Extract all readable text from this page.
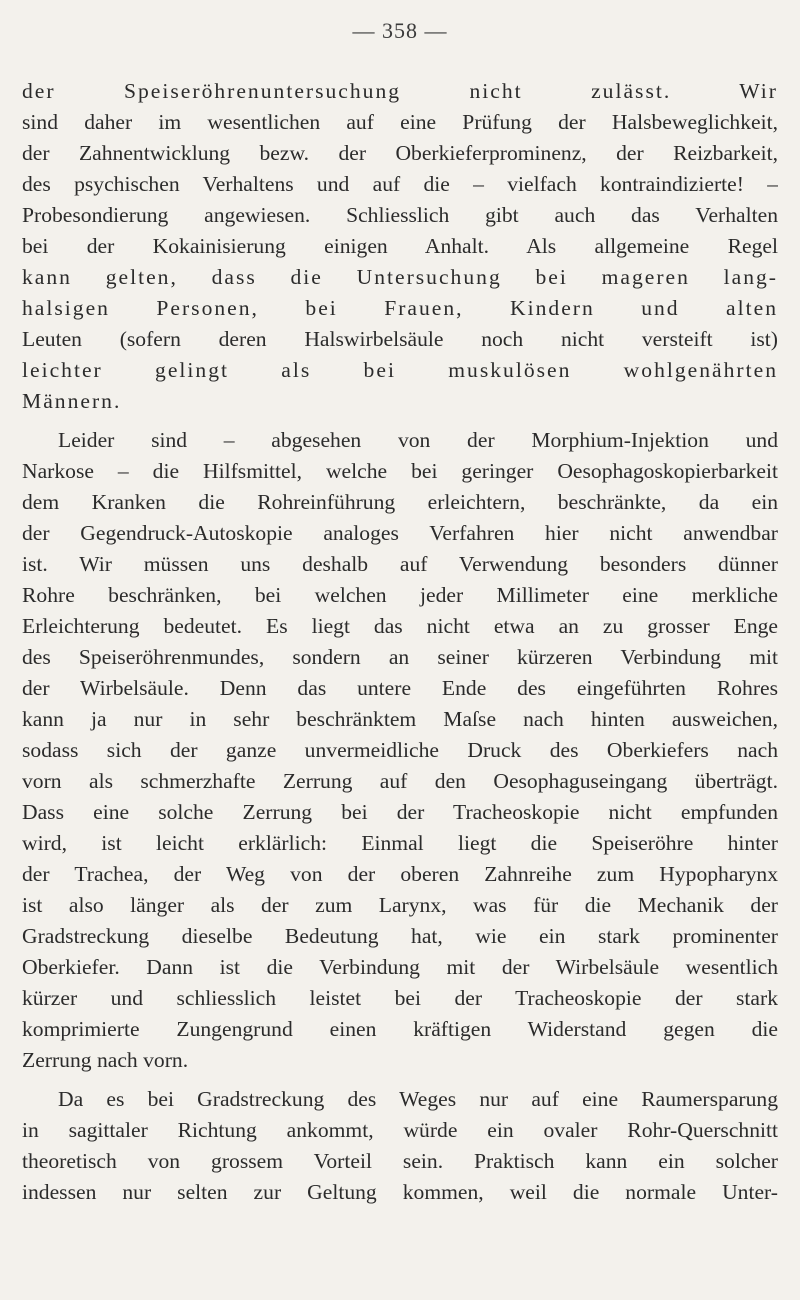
— 358 —
der Speiseröhrenuntersuchung nicht zulässt. Wir
sind daher im wesentlichen auf eine Prüfung der Halsbeweglichkeit,
der Zahnentwicklung bezw. der Oberkieferprominenz, der Reizbarkeit,
des psychischen Verhaltens und auf die – vielfach kontraindizierte! –
Probesondierung angewiesen. Schliesslich gibt auch das Verhalten
bei der Kokainisierung einigen Anhalt. Als allgemeine Regel
kann gelten, dass die Untersuchung bei mageren lang-
halsigen Personen, bei Frauen, Kindern und alten
Leuten (sofern deren Halswirbelsäule noch nicht versteift ist)
leichter gelingt als bei muskulösen wohlgenährten
Männern.
Leider sind – abgesehen von der Morphium-Injektion und
Narkose – die Hilfsmittel, welche bei geringer Oesophagoskopierbarkeit
dem Kranken die Rohreinführung erleichtern, beschränkte, da ein
der Gegendruck-Autoskopie analoges Verfahren hier nicht anwendbar
ist. Wir müssen uns deshalb auf Verwendung besonders dünner
Rohre beschränken, bei welchen jeder Millimeter eine merkliche
Erleichterung bedeutet. Es liegt das nicht etwa an zu grosser Enge
des Speiseröhrenmundes, sondern an seiner kürzeren Verbindung mit
der Wirbelsäule. Denn das untere Ende des eingeführten Rohres
kann ja nur in sehr beschränktem Maſse nach hinten ausweichen,
sodass sich der ganze unvermeidliche Druck des Oberkiefers nach
vorn als schmerzhafte Zerrung auf den Oesophaguseingang überträgt.
Dass eine solche Zerrung bei der Tracheoskopie nicht empfunden
wird, ist leicht erklärlich: Einmal liegt die Speiseröhre hinter
der Trachea, der Weg von der oberen Zahnreihe zum Hypopharynx
ist also länger als der zum Larynx, was für die Mechanik der
Gradstreckung dieselbe Bedeutung hat, wie ein stark prominenter
Oberkiefer. Dann ist die Verbindung mit der Wirbelsäule wesentlich
kürzer und schliesslich leistet bei der Tracheoskopie der stark
komprimierte Zungengrund einen kräftigen Widerstand gegen die
Zerrung nach vorn.
Da es bei Gradstreckung des Weges nur auf eine Raumersparung
in sagittaler Richtung ankommt, würde ein ovaler Rohr-Querschnitt
theoretisch von grossem Vorteil sein. Praktisch kann ein solcher
indessen nur selten zur Geltung kommen, weil die normale Unter-
